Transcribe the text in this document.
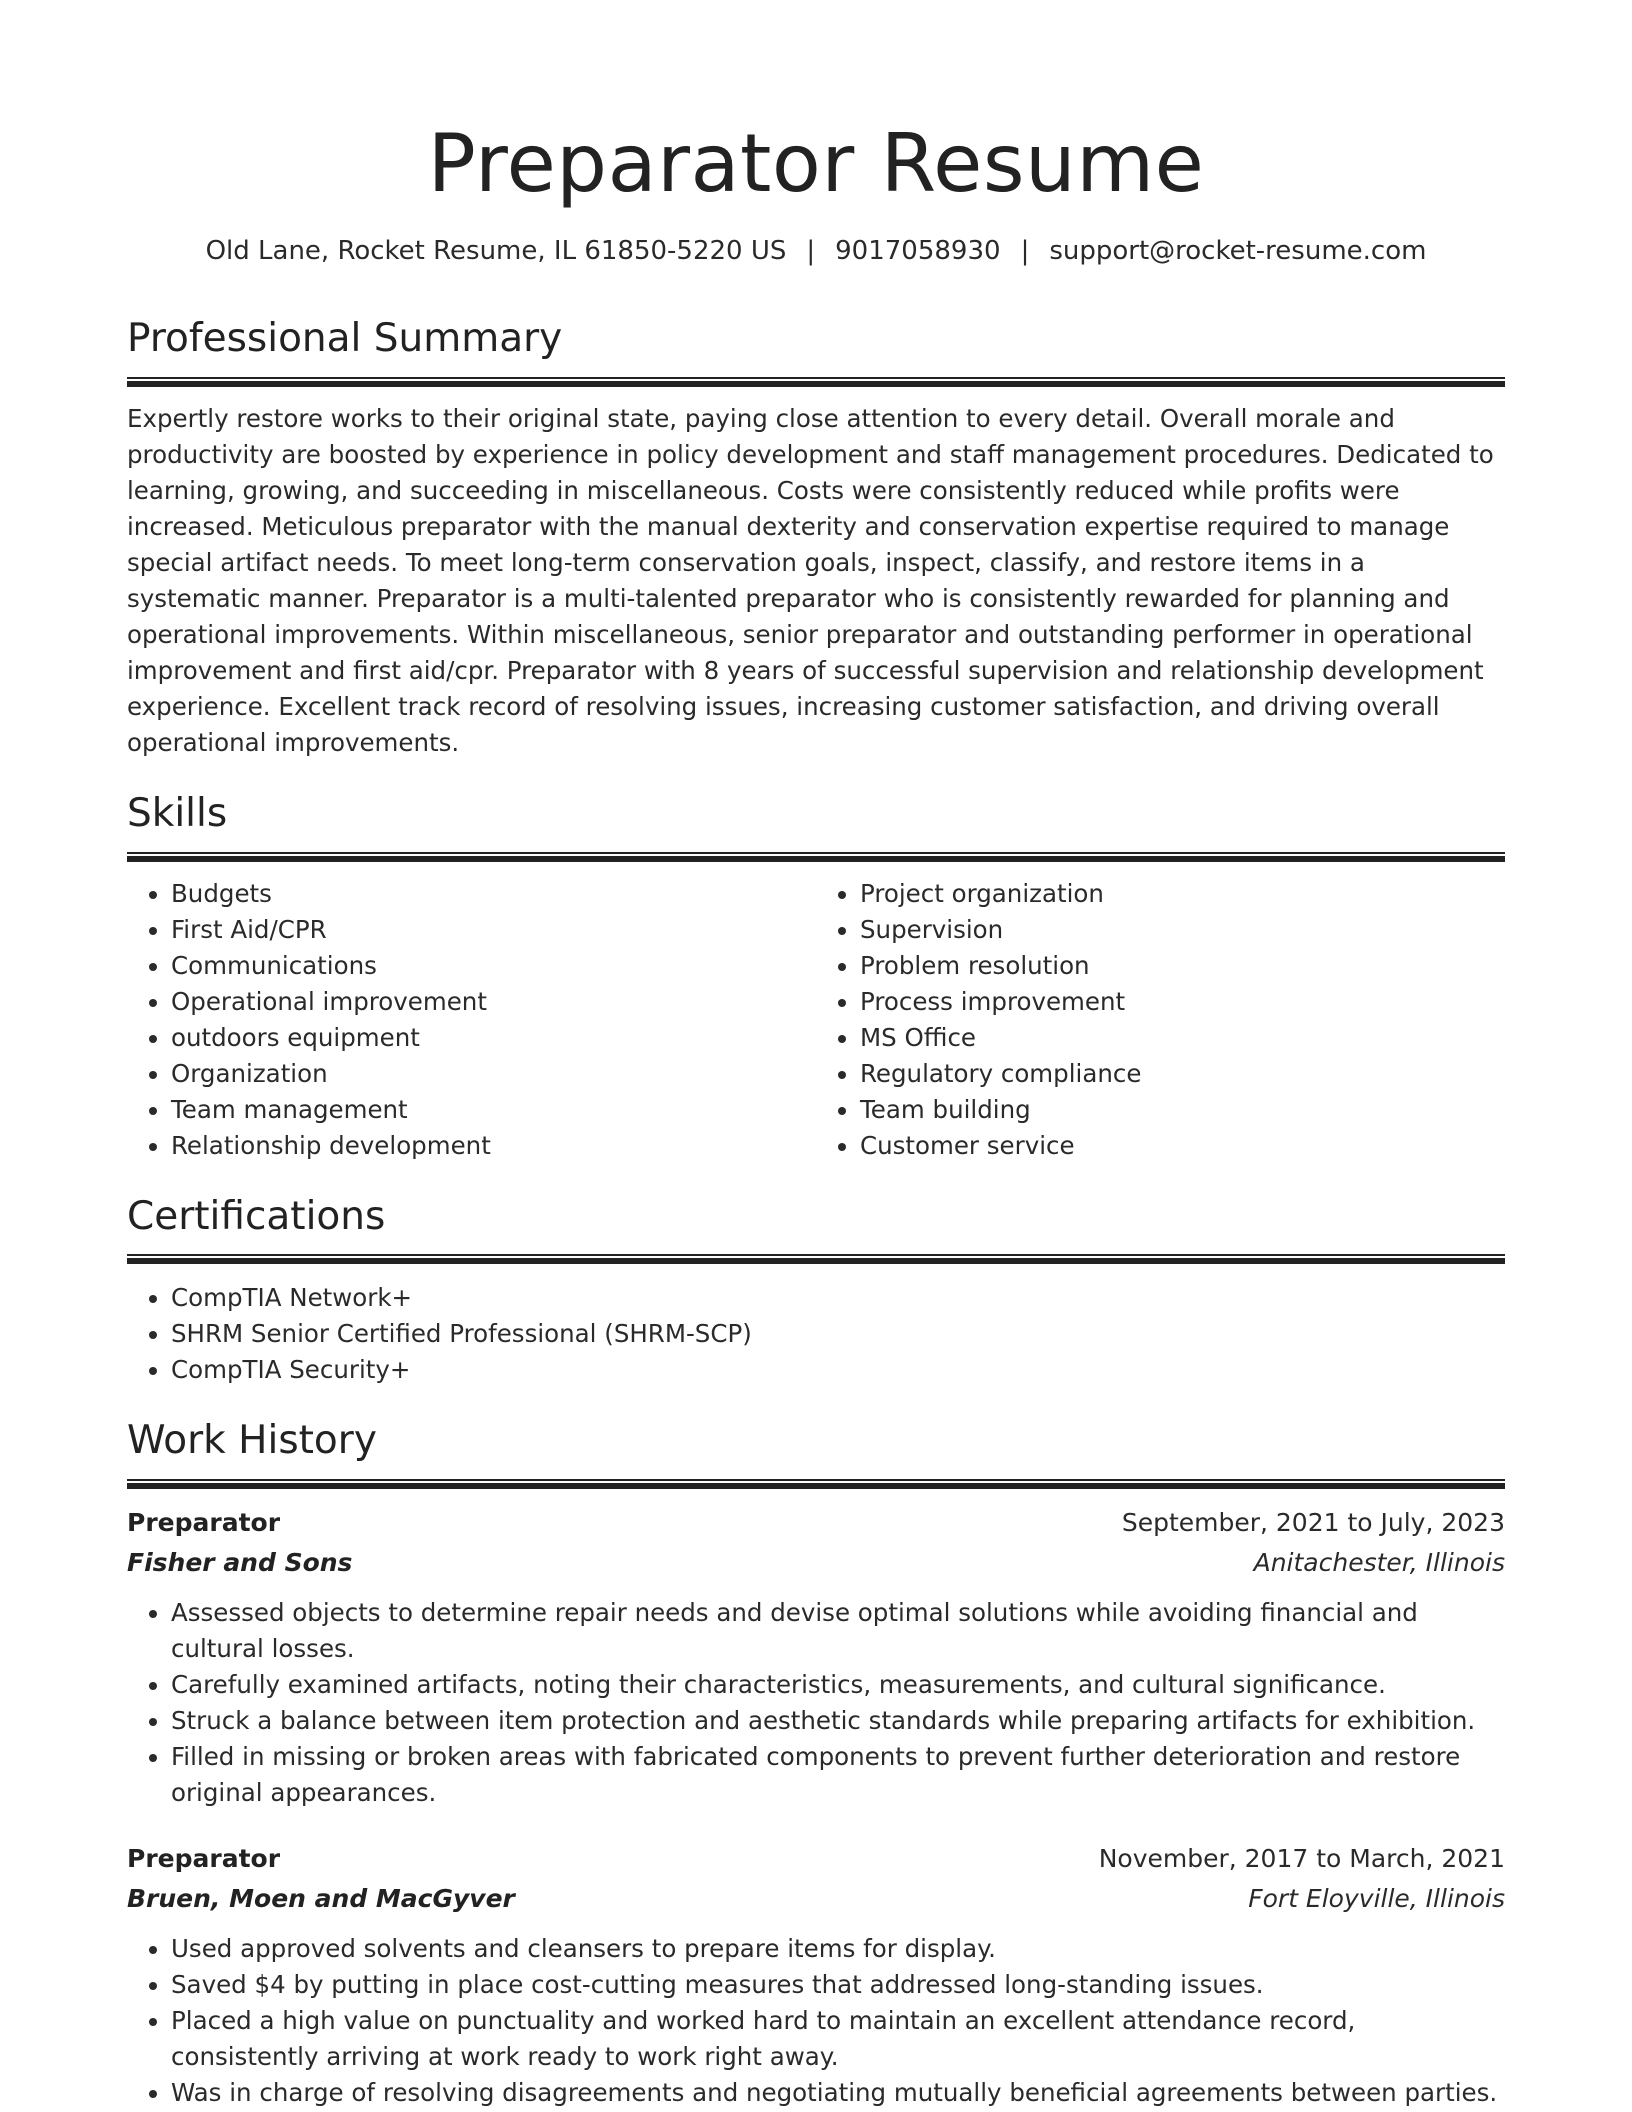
Preparator Resume
Old Lane, Rocket Resume, IL 61850-5220 US | 9017058930 | support@rocket-resume.com
Professional Summary

Expertly restore works to their original state, paying close attention to every detail. Overall morale and productivity are boosted by experience in policy development and staff management procedures. Dedicated to learning, growing, and succeeding in miscellaneous. Costs were consistently reduced while profits were increased. Meticulous preparator with the manual dexterity and conservation expertise required to manage special artifact needs. To meet long-term conservation goals, inspect, classify, and restore items in a systematic manner. Preparator is a multi-talented preparator who is consistently rewarded for planning and operational improvements. Within miscellaneous, senior preparator and outstanding performer in operational improvement and first aid/cpr. Preparator with 8 years of successful supervision and relationship development experience. Excellent track record of resolving issues, increasing customer satisfaction, and driving overall operational improvements.

Skills
• Budgets
• First Aid/CPR
• Communications
• Operational improvement
• outdoors equipment
• Organization
• Team management
• Relationship development
• Project organization
• Supervision
• Problem resolution
• Process improvement
• MS Office
• Regulatory compliance
• Team building
• Customer service
Certifications
• CompTIA Network+
• SHRM Senior Certified Professional (SHRM-SCP)
• CompTIA Security+
Work History
Preparator	September, 2021 to July, 2023
Fisher and Sons	Anitachester, Illinois
• Assessed objects to determine repair needs and devise optimal solutions while avoiding financial and cultural losses.
• Carefully examined artifacts, noting their characteristics, measurements, and cultural significance.
• Struck a balance between item protection and aesthetic standards while preparing artifacts for exhibition.
• Filled in missing or broken areas with fabricated components to prevent further deterioration and restore original appearances.
Preparator	November, 2017 to March, 2021
Bruen, Moen and MacGyver	Fort Eloyville, Illinois
• Used approved solvents and cleansers to prepare items for display.
• Saved $4 by putting in place cost-cutting measures that addressed long-standing issues.
• Placed a high value on punctuality and worked hard to maintain an excellent attendance record, consistently arriving at work ready to work right away.
• Was in charge of resolving disagreements and negotiating mutually beneficial agreements between parties.
